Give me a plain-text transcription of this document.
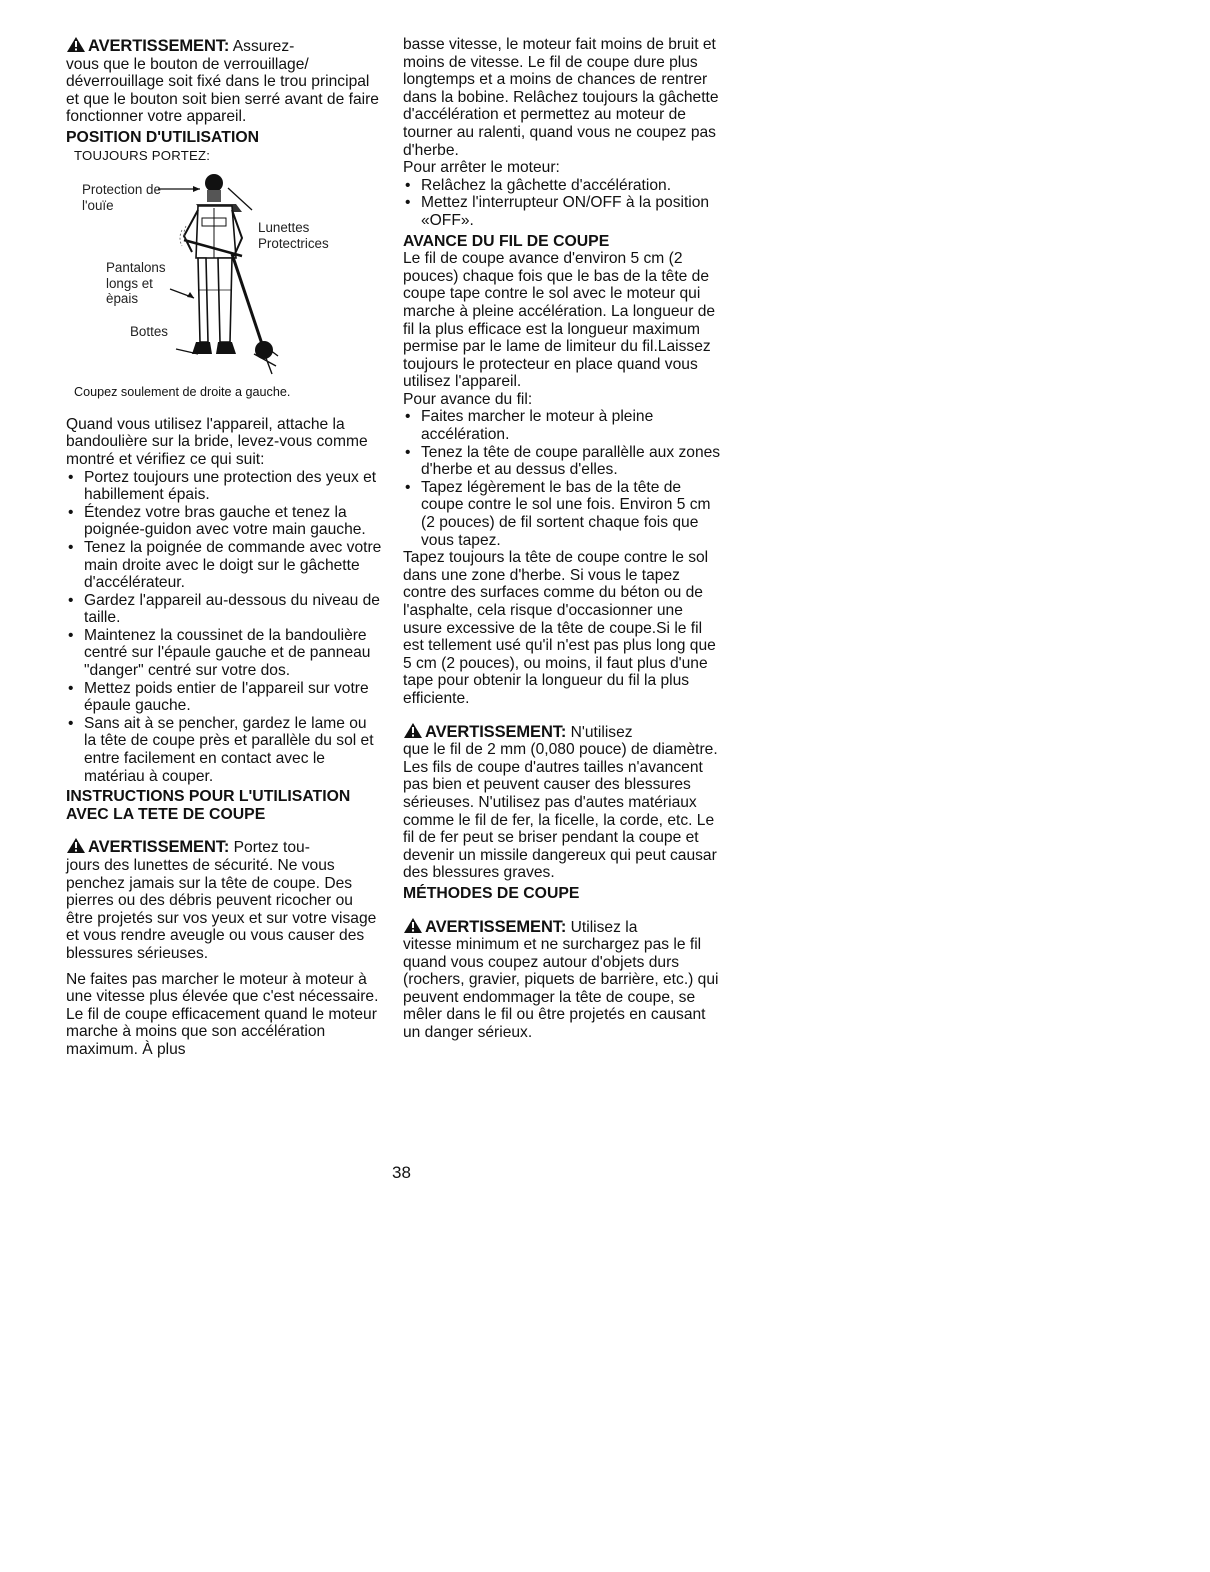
AVERTISSEMENT: Assurez-

vous que le bouton de verrouillage/ déverrouillage soit fixé dans le trou principal et que le bouton soit bien serré avant de faire fonctionner votre appareil.

POSITION D'UTILISATION
TOUJOURS PORTEZ:
Protection de l'ouïe
Lunettes Protectrices
Pantalons longs et èpais
Bottes
Coupez soulement de droite a gauche.

Quand vous utilisez l'appareil, attache la bandoulière sur la bride, levez-vous comme montré et vérifiez ce qui suit:

• Portez toujours une protection des yeux et habillement épais.
• Étendez votre bras gauche et tenez la poignée-guidon avec votre main gauche.
• Tenez la poignée de commande avec votre main droite avec le doigt sur le gâchette d'accélérateur.
• Gardez l'appareil au-dessous du niveau de taille.
• Maintenez la coussinet de la bandoulière centré sur l'épaule gauche et de panneau "danger" centré sur votre dos.
• Mettez poids entier de l'appareil sur votre épaule gauche.
• Sans ait à se pencher, gardez le lame ou la tête de coupe près et parallèle du sol et entre facilement en contact avec le matériau à couper.
INSTRUCTIONS POUR L'UTILISATION AVEC LA TETE DE COUPE
AVERTISSEMENT: Portez tou-

jours des lunettes de sécurité. Ne vous penchez jamais sur la tête de coupe. Des pierres ou des débris peuvent ricocher ou être projetés sur vos yeux et sur votre visage et vous rendre aveugle ou vous causer des blessures sérieuses.

Ne faites pas marcher le moteur à moteur à une vitesse plus élevée que c'est nécessaire. Le fil de coupe efficacement quand le moteur marche à moins que son accélération maximum. À plus

basse vitesse, le moteur fait moins de bruit et moins de vitesse. Le fil de coupe dure plus longtemps et a moins de chances de rentrer dans la bobine. Relâchez toujours la gâchette d'accélération et permettez au moteur de tourner au ralenti, quand vous ne coupez pas d'herbe.

Pour arrêter le moteur:

• Relâchez la gâchette d'accélération.
• Mettez l'interrupteur ON/OFF à la position «OFF».
AVANCE DU FIL DE COUPE

Le fil de coupe avance d'environ 5 cm (2 pouces) chaque fois que le bas de la tête de coupe tape contre le sol avec le moteur qui marche à pleine accélération. La longueur de fil la plus efficace est la longueur maximum permise par le lame de limiteur du fil.Laissez toujours le protecteur en place quand vous utilisez l'appareil.

Pour avance du fil:

• Faites marcher le moteur à pleine accélération.
• Tenez la tête de coupe parallèlle aux zones d'herbe et au dessus d'elles.
• Tapez légèrement le bas de la tête de coupe contre le sol une fois. Environ 5 cm (2 pouces) de fil sortent chaque fois que vous tapez.

Tapez toujours la tête de coupe contre le sol dans une zone d'herbe. Si vous le tapez contre des surfaces comme du béton ou de l'asphalte, cela risque d'occasionner une usure excessive de la tête de coupe.Si le fil est tellement usé qu'il n'est pas plus long que 5 cm (2 pouces), ou moins, il faut plus d'une tape pour obtenir la longueur du fil la plus efficiente.

AVERTISSEMENT: N'utilisez

que le fil de 2 mm (0,080 pouce) de diamètre. Les fils de coupe d'autres tailles n'avancent pas bien et peuvent causer des blessures sérieuses. N'utilisez pas d'autes matériaux comme le fil de fer, la ficelle, la corde, etc. Le fil de fer peut se briser pendant la coupe et devenir un missile dangereux qui peut causar des blessures graves.

MÉTHODES DE COUPE
AVERTISSEMENT: Utilisez la

vitesse minimum et ne surchargez pas le fil quand vous coupez autour d'objets durs (rochers, gravier, piquets de barrière, etc.) qui peuvent endommager la tête de coupe, se mêler dans le fil ou être projetés en causant un danger sérieux.

38
